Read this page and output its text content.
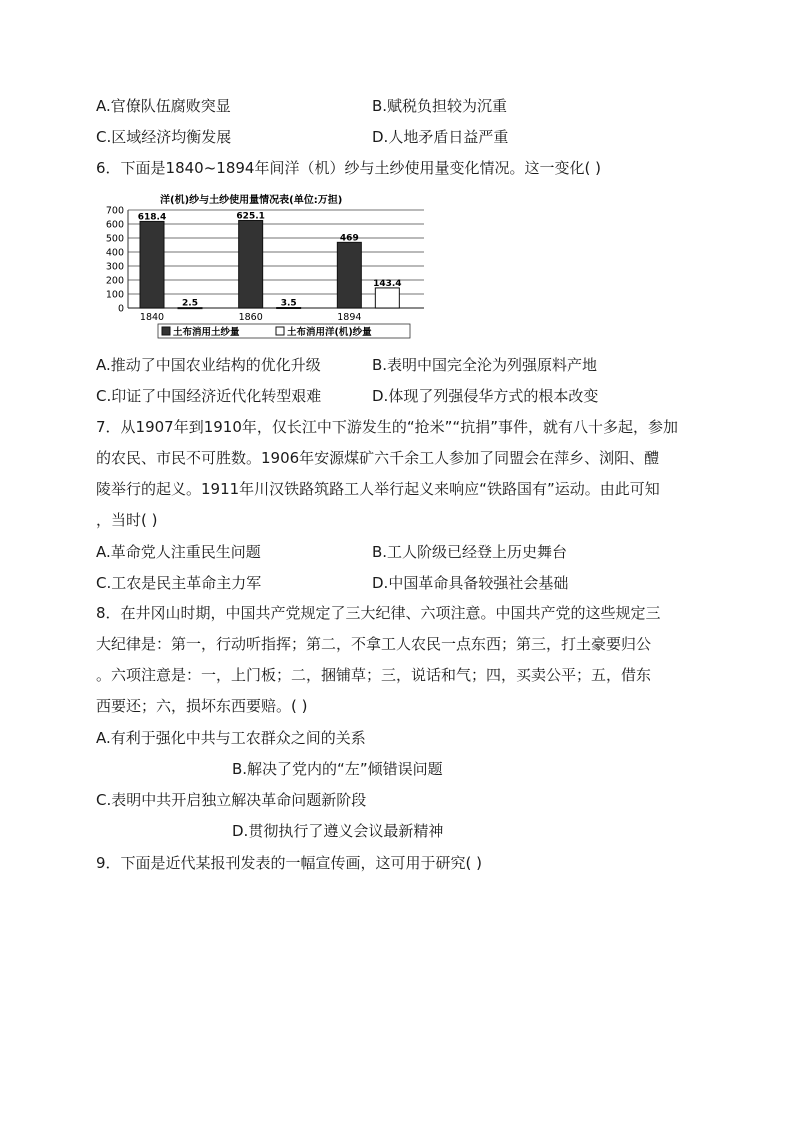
A.官僚队伍腐败突显	B.赋税负担较为沉重
C.区域经济均衡发展	D.人地矛盾日益严重
6．下面是1840~1894年间洋（机）纱与土纱使用量变化情况。这一变化( )
洋(机)纱与土纱使用量情况表(单位:万担)
0
100
200
300
400
500
600
700
618.4
2.5
625.1
3.5
469
143.4
1840	1860	1894
土布消用土纱量	土布消用洋(机)纱量
A.推动了中国农业结构的优化升级	B.表明中国完全沦为列强原料产地
C.印证了中国经济近代化转型艰难	D.体现了列强侵华方式的根本改变
7．从1907年到1910年，仅长江中下游发生的“抢米”“抗捐”事件，就有八十多起，参加
的农民、市民不可胜数。1906年安源煤矿六千余工人参加了同盟会在萍乡、浏阳、醴
陵举行的起义。1911年川汉铁路筑路工人举行起义来响应“铁路国有”运动。由此可知
，当时( )
A.革命党人注重民生问题	B.工人阶级已经登上历史舞台
C.工农是民主革命主力军	D.中国革命具备较强社会基础
8．在井冈山时期，中国共产党规定了三大纪律、六项注意。中国共产党的这些规定三
大纪律是：第一，行动听指挥；第二，不拿工人农民一点东西；第三，打土豪要归公
。六项注意是：一，上门板；二，捆铺草；三，说话和气；四，买卖公平；五，借东
西要还；六，损坏东西要赔。( )
A.有利于强化中共与工农群众之间的关系
B.解决了党内的“左”倾错误问题
C.表明中共开启独立解决革命问题新阶段
D.贯彻执行了遵义会议最新精神
9．下面是近代某报刊发表的一幅宣传画，这可用于研究( )
